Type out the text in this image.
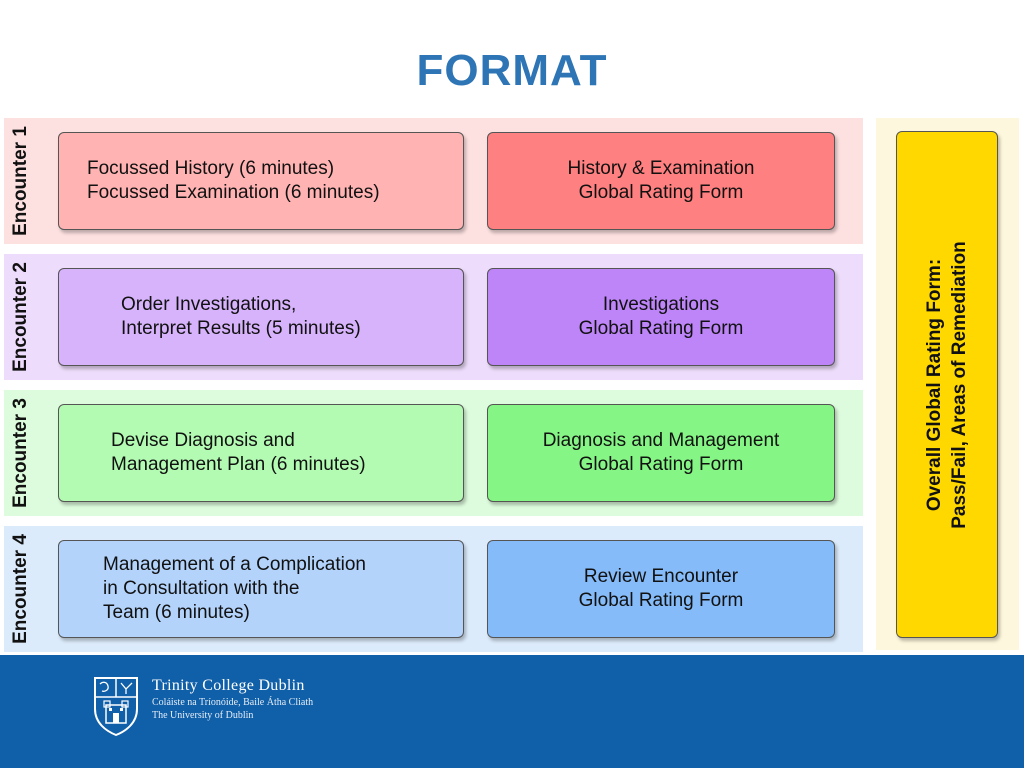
FORMAT
Encounter 1	Focussed History (6 minutes)
Focussed Examination (6 minutes)
History & Examination
Global Rating Form
Encounter 2	Order Investigations,
Interpret Results (5 minutes)
Investigations
Global Rating Form
Encounter 3	Devise Diagnosis and
Management Plan (6 minutes)
Diagnosis and Management
Global Rating Form
Encounter 4	Management of a Complication
in Consultation with the
Team (6 minutes)
Review Encounter
Global Rating Form
Overall Global Rating Form: Pass/Fail, Areas of Remediation
Trinity College Dublin
Coláiste na Tríonóide, Baile Átha Cliath
The University of Dublin
